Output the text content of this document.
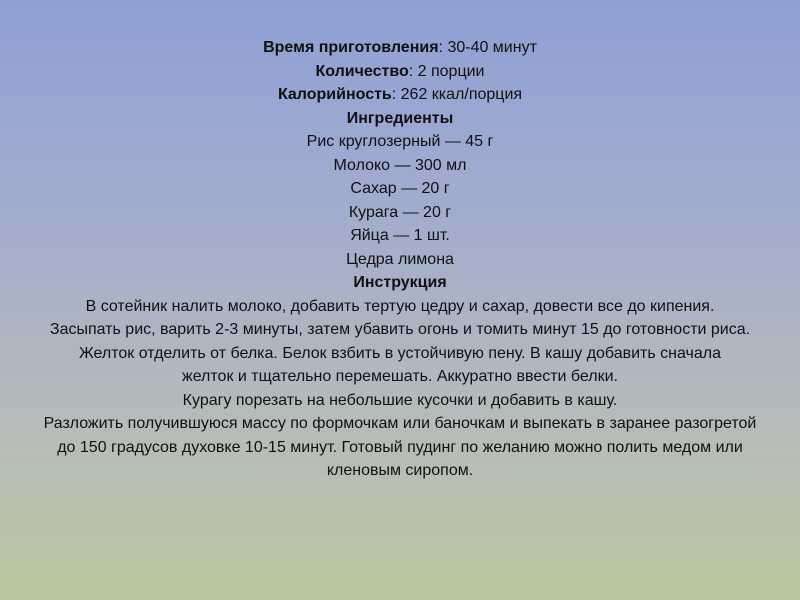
Время приготовления: 30-40 минут

Количество: 2 порции

Калорийность: 262 ккал/порция

Ингредиенты

Рис круглозерный — 45 г

Молоко — 300 мл

Сахар — 20 г

Курага — 20 г

Яйца — 1 шт.

Цедра лимона

Инструкция

В сотейник налить молоко, добавить тертую цедру и сахар, довести все до кипения.

Засыпать рис, варить 2-3 минуты, затем убавить огонь и томить минут 15 до готовности риса.

Желток отделить от белка. Белок взбить в устойчивую пену. В кашу добавить сначала желток и тщательно перемешать. Аккуратно ввести белки.

Курагу порезать на небольшие кусочки и добавить в кашу.

Разложить получившуюся массу по формочкам или баночкам и выпекать в заранее разогретой до 150 градусов духовке 10-15 минут. Готовый пудинг по желанию можно полить медом или кленовым сиропом.
